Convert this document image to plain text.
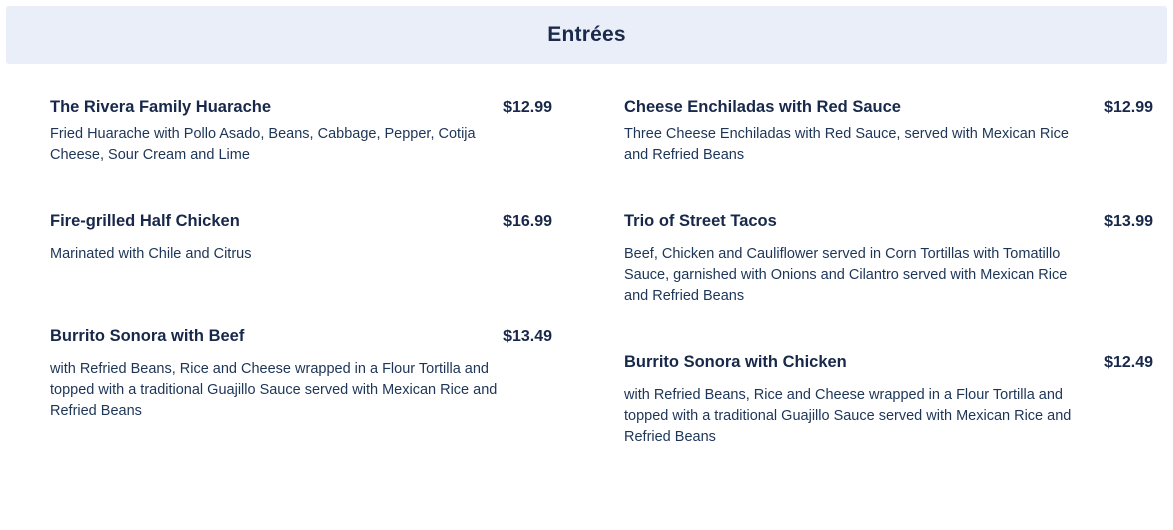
Entrées
The Rivera Family Huarache . . .	$12.99
Fried Huarache with Pollo Asado, Beans, Cabbage, Pepper, Cotija Cheese, Sour Cream and Lime
Fire-grilled Half Chicken . . .	$16.99
Marinated with Chile and Citrus
Burrito Sonora with Beef . . .	$13.49
with Refried Beans, Rice and Cheese wrapped in a Flour Tortilla and topped with a traditional Guajillo Sauce served with Mexican Rice and Refried Beans
Cheese Enchiladas with Red Sauce . . .	$12.99
Three Cheese Enchiladas with Red Sauce, served with Mexican Rice and Refried Beans
Trio of Street Tacos . . .	$13.99
Beef, Chicken and Cauliflower served in Corn Tortillas with Tomatillo Sauce, garnished with Onions and Cilantro served with Mexican Rice and Refried Beans
Burrito Sonora with Chicken . . .	$12.49
with Refried Beans, Rice and Cheese wrapped in a Flour Tortilla and topped with a traditional Guajillo Sauce served with Mexican Rice and Refried Beans
